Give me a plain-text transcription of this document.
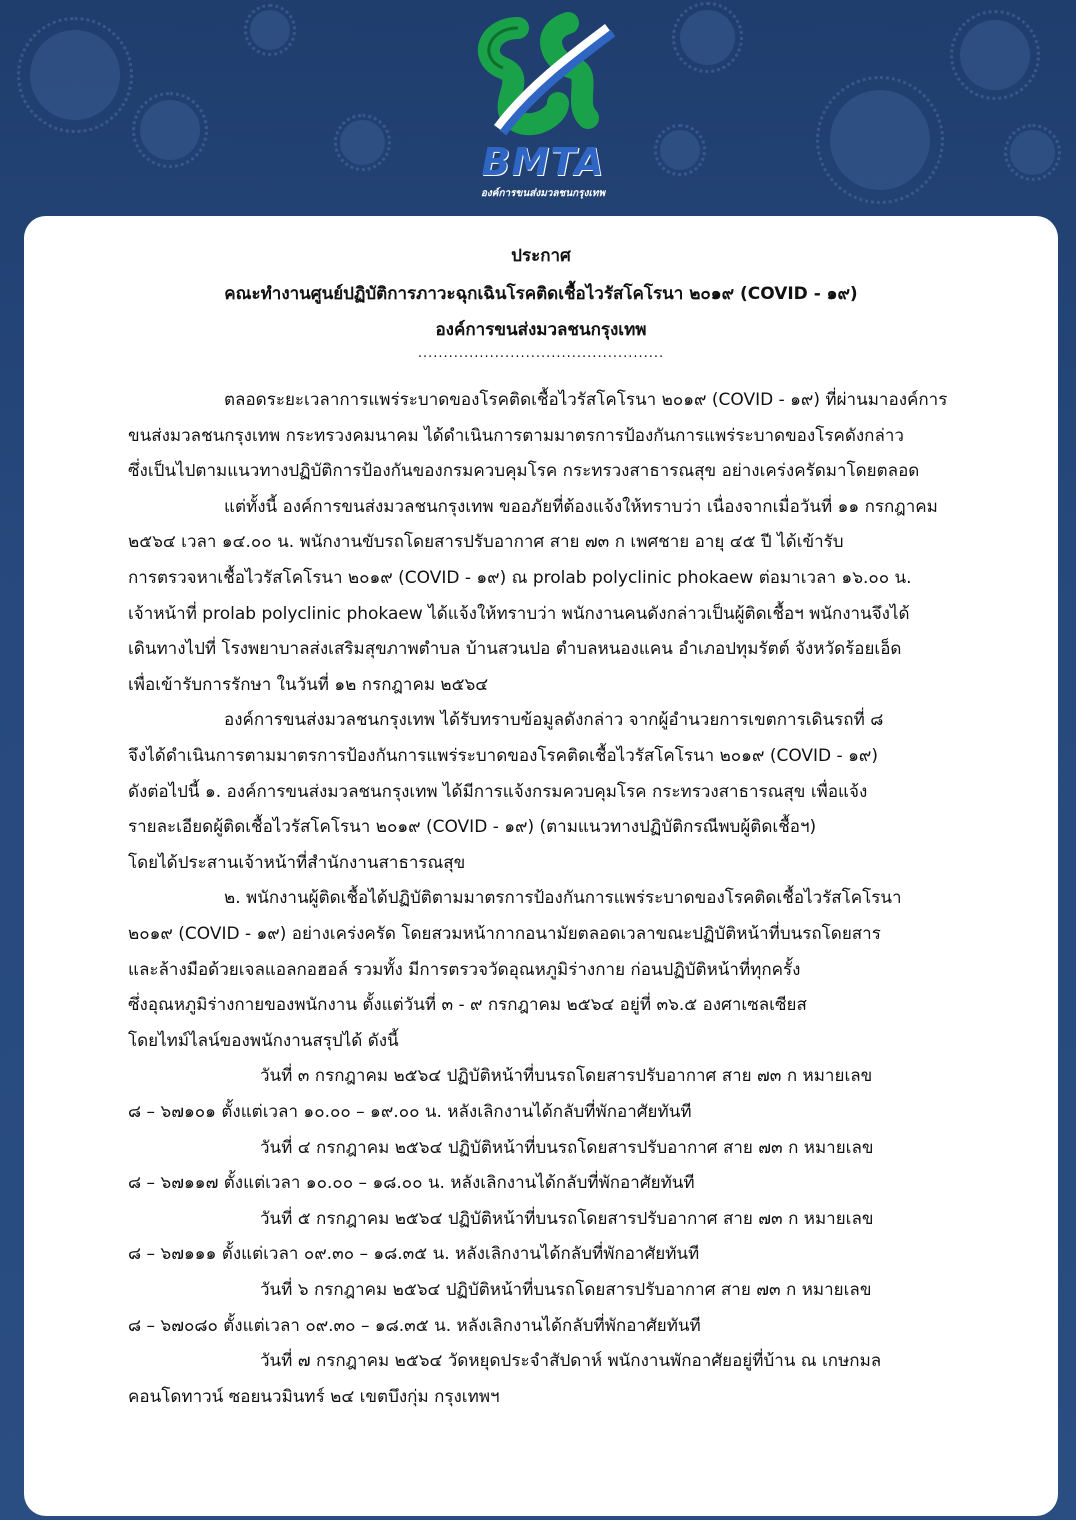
BMTA
องค์การขนส่งมวลชนกรุงเทพ
ประกาศ
คณะทำงานศูนย์ปฏิบัติการภาวะฉุกเฉินโรคติดเชื้อไวรัสโคโรนา ๒๐๑๙ (COVID - ๑๙)
องค์การขนส่งมวลชนกรุงเทพ
................................................
ตลอดระยะเวลาการแพร่ระบาดของโรคติดเชื้อไวรัสโคโรนา ๒๐๑๙ (COVID - ๑๙) ที่ผ่านมาองค์การ
ขนส่งมวลชนกรุงเทพ กระทรวงคมนาคม ได้ดำเนินการตามมาตรการป้องกันการแพร่ระบาดของโรคดังกล่าว
ซึ่งเป็นไปตามแนวทางปฏิบัติการป้องกันของกรมควบคุมโรค กระทรวงสาธารณสุข อย่างเคร่งครัดมาโดยตลอด
แต่ทั้งนี้ องค์การขนส่งมวลชนกรุงเทพ ขออภัยที่ต้องแจ้งให้ทราบว่า เนื่องจากเมื่อวันที่ ๑๑ กรกฎาคม
๒๕๖๔ เวลา ๑๔.๐๐ น. พนักงานขับรถโดยสารปรับอากาศ สาย ๗๓ ก เพศชาย อายุ ๔๕ ปี ได้เข้ารับ
การตรวจหาเชื้อไวรัสโคโรนา ๒๐๑๙ (COVID - ๑๙) ณ prolab polyclinic phokaew ต่อมาเวลา ๑๖.๐๐ น.
เจ้าหน้าที่ prolab polyclinic phokaew ได้แจ้งให้ทราบว่า พนักงานคนดังกล่าวเป็นผู้ติดเชื้อฯ พนักงานจึงได้
เดินทางไปที่ โรงพยาบาลส่งเสริมสุขภาพตำบล บ้านสวนปอ ตำบลหนองแคน อำเภอปทุมรัตต์ จังหวัดร้อยเอ็ด
เพื่อเข้ารับการรักษา ในวันที่ ๑๒ กรกฎาคม ๒๕๖๔
องค์การขนส่งมวลชนกรุงเทพ ได้รับทราบข้อมูลดังกล่าว จากผู้อำนวยการเขตการเดินรถที่ ๘
จึงได้ดำเนินการตามมาตรการป้องกันการแพร่ระบาดของโรคติดเชื้อไวรัสโคโรนา ๒๐๑๙ (COVID - ๑๙)
ดังต่อไปนี้ ๑. องค์การขนส่งมวลชนกรุงเทพ ได้มีการแจ้งกรมควบคุมโรค กระทรวงสาธารณสุข เพื่อแจ้ง
รายละเอียดผู้ติดเชื้อไวรัสโคโรนา ๒๐๑๙ (COVID - ๑๙) (ตามแนวทางปฏิบัติกรณีพบผู้ติดเชื้อฯ)
โดยได้ประสานเจ้าหน้าที่สำนักงานสาธารณสุข
๒. พนักงานผู้ติดเชื้อได้ปฏิบัติตามมาตรการป้องกันการแพร่ระบาดของโรคติดเชื้อไวรัสโคโรนา
๒๐๑๙ (COVID - ๑๙) อย่างเคร่งครัด โดยสวมหน้ากากอนามัยตลอดเวลาขณะปฏิบัติหน้าที่บนรถโดยสาร
และล้างมือด้วยเจลแอลกอฮอล์ รวมทั้ง มีการตรวจวัดอุณหภูมิร่างกาย ก่อนปฏิบัติหน้าที่ทุกครั้ง
ซึ่งอุณหภูมิร่างกายของพนักงาน ตั้งแต่วันที่ ๓ - ๙ กรกฎาคม ๒๕๖๔ อยู่ที่ ๓๖.๕ องศาเซลเซียส
โดยไทม์ไลน์ของพนักงานสรุปได้ ดังนี้
วันที่ ๓ กรกฎาคม ๒๕๖๔ ปฏิบัติหน้าที่บนรถโดยสารปรับอากาศ สาย ๗๓ ก หมายเลข
๘ – ๖๗๑๐๑ ตั้งแต่เวลา ๑๐.๐๐ – ๑๙.๐๐ น. หลังเลิกงานได้กลับที่พักอาศัยทันที
วันที่ ๔ กรกฎาคม ๒๕๖๔ ปฏิบัติหน้าที่บนรถโดยสารปรับอากาศ สาย ๗๓ ก หมายเลข
๘ – ๖๗๑๑๗ ตั้งแต่เวลา ๑๐.๐๐ – ๑๘.๐๐ น. หลังเลิกงานได้กลับที่พักอาศัยทันที
วันที่ ๕ กรกฎาคม ๒๕๖๔ ปฏิบัติหน้าที่บนรถโดยสารปรับอากาศ สาย ๗๓ ก หมายเลข
๘ – ๖๗๑๑๑ ตั้งแต่เวลา ๐๙.๓๐ – ๑๘.๓๕ น. หลังเลิกงานได้กลับที่พักอาศัยทันที
วันที่ ๖ กรกฎาคม ๒๕๖๔ ปฏิบัติหน้าที่บนรถโดยสารปรับอากาศ สาย ๗๓ ก หมายเลข
๘ – ๖๗๐๘๐ ตั้งแต่เวลา ๐๙.๓๐ – ๑๘.๓๕ น. หลังเลิกงานได้กลับที่พักอาศัยทันที
วันที่ ๗ กรกฎาคม ๒๕๖๔ วัดหยุดประจำสัปดาห์ พนักงานพักอาศัยอยู่ที่บ้าน ณ เกษกมล
คอนโดทาวน์ ซอยนวมินทร์ ๒๔ เขตบึงกุ่ม กรุงเทพฯ
